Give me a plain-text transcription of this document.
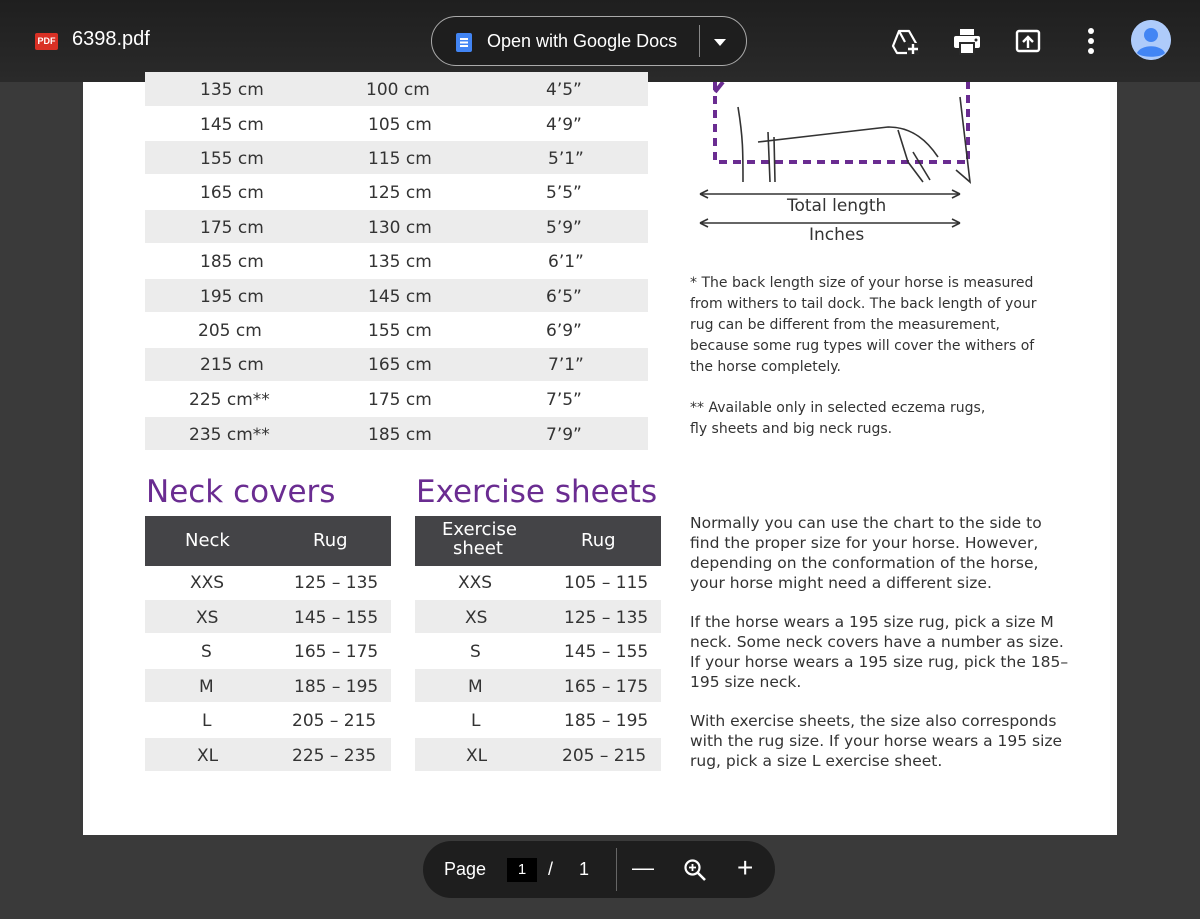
PDF 6398.pdf	Open with Google Docs
135 cm	100 cm	4’5”
145 cm	105 cm	4’9”
155 cm	115 cm	5’1”
165 cm	125 cm	5’5”
175 cm	130 cm	5’9”
185 cm	135 cm	6’1”
195 cm	145 cm	6’5”
205 cm	155 cm	6’9”
215 cm	165 cm	7’1”
225 cm**	175 cm	7’5”
235 cm**	185 cm	7’9”
Total length
Inches
* The back length size of your horse is measured from withers to tail dock. The back length of your rug can be different from the measurement, because some rug types will cover the withers of the horse completely.
** Available only in selected eczema rugs, fly sheets and big neck rugs.
Neck covers	Exercise sheets
Neck	Rug
XXS	125 – 135
XS	145 – 155
S	165 – 175
M	185 – 195
L	205 – 215
XL	225 – 235
Exercise
sheet	Rug
XXS	105 – 115
XS	125 – 135
S	145 – 155
M	165 – 175
L	185 – 195
XL	205 – 215
Normally you can use the chart to the side to find the proper size for your horse. However, depending on the conformation of the horse, your horse might need a different size.
If the horse wears a 195 size rug, pick a size M neck. Some neck covers have a number as size. If your horse wears a 195 size rug, pick the 185–195 size neck.
With exercise sheets, the size also corresponds with the rug size. If your horse wears a 195 size rug, pick a size L exercise sheet.
Page	1	/ 1 —	+
